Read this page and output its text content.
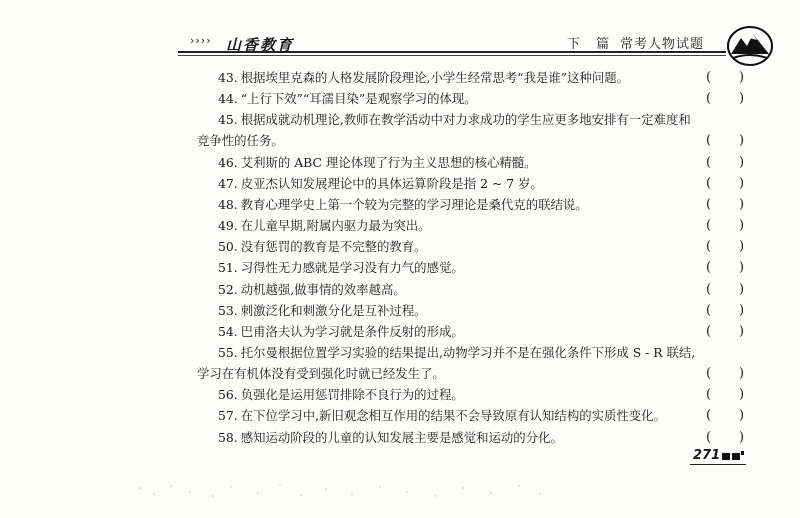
›››› 山香教育	下 篇 常考人物试题
43. 根据埃里克森的人格发展阶段理论,小学生经常思考“我是谁”这种问题。	( )
44. “上行下效”“耳濡目染”是观察学习的体现。	( )
45. 根据成就动机理论,教师在教学活动中对力求成功的学生应更多地安排有一定难度和
竞争性的任务。	( )
46. 艾利斯的 ABC 理论体现了行为主义思想的核心精髓。	( )
47. 皮亚杰认知发展理论中的具体运算阶段是指 2 ~ 7 岁。	( )
48. 教育心理学史上第一个较为完整的学习理论是桑代克的联结说。	( )
49. 在儿童早期,附属内驱力最为突出。	( )
50. 没有惩罚的教育是不完整的教育。	( )
51. 习得性无力感就是学习没有力气的感觉。	( )
52. 动机越强,做事情的效率越高。	( )
53. 刺激泛化和刺激分化是互补过程。	( )
54. 巴甫洛夫认为学习就是条件反射的形成。	( )
55. 托尔曼根据位置学习实验的结果提出,动物学习并不是在强化条件下形成 S - R 联结,
学习在有机体没有受到强化时就已经发生了。	( )
56. 负强化是运用惩罚排除不良行为的过程。	( )
57. 在下位学习中,新旧观念相互作用的结果不会导致原有认知结构的实质性变化。	( )
58. 感知运动阶段的儿童的认知发展主要是感觉和运动的分化。	( )
271
